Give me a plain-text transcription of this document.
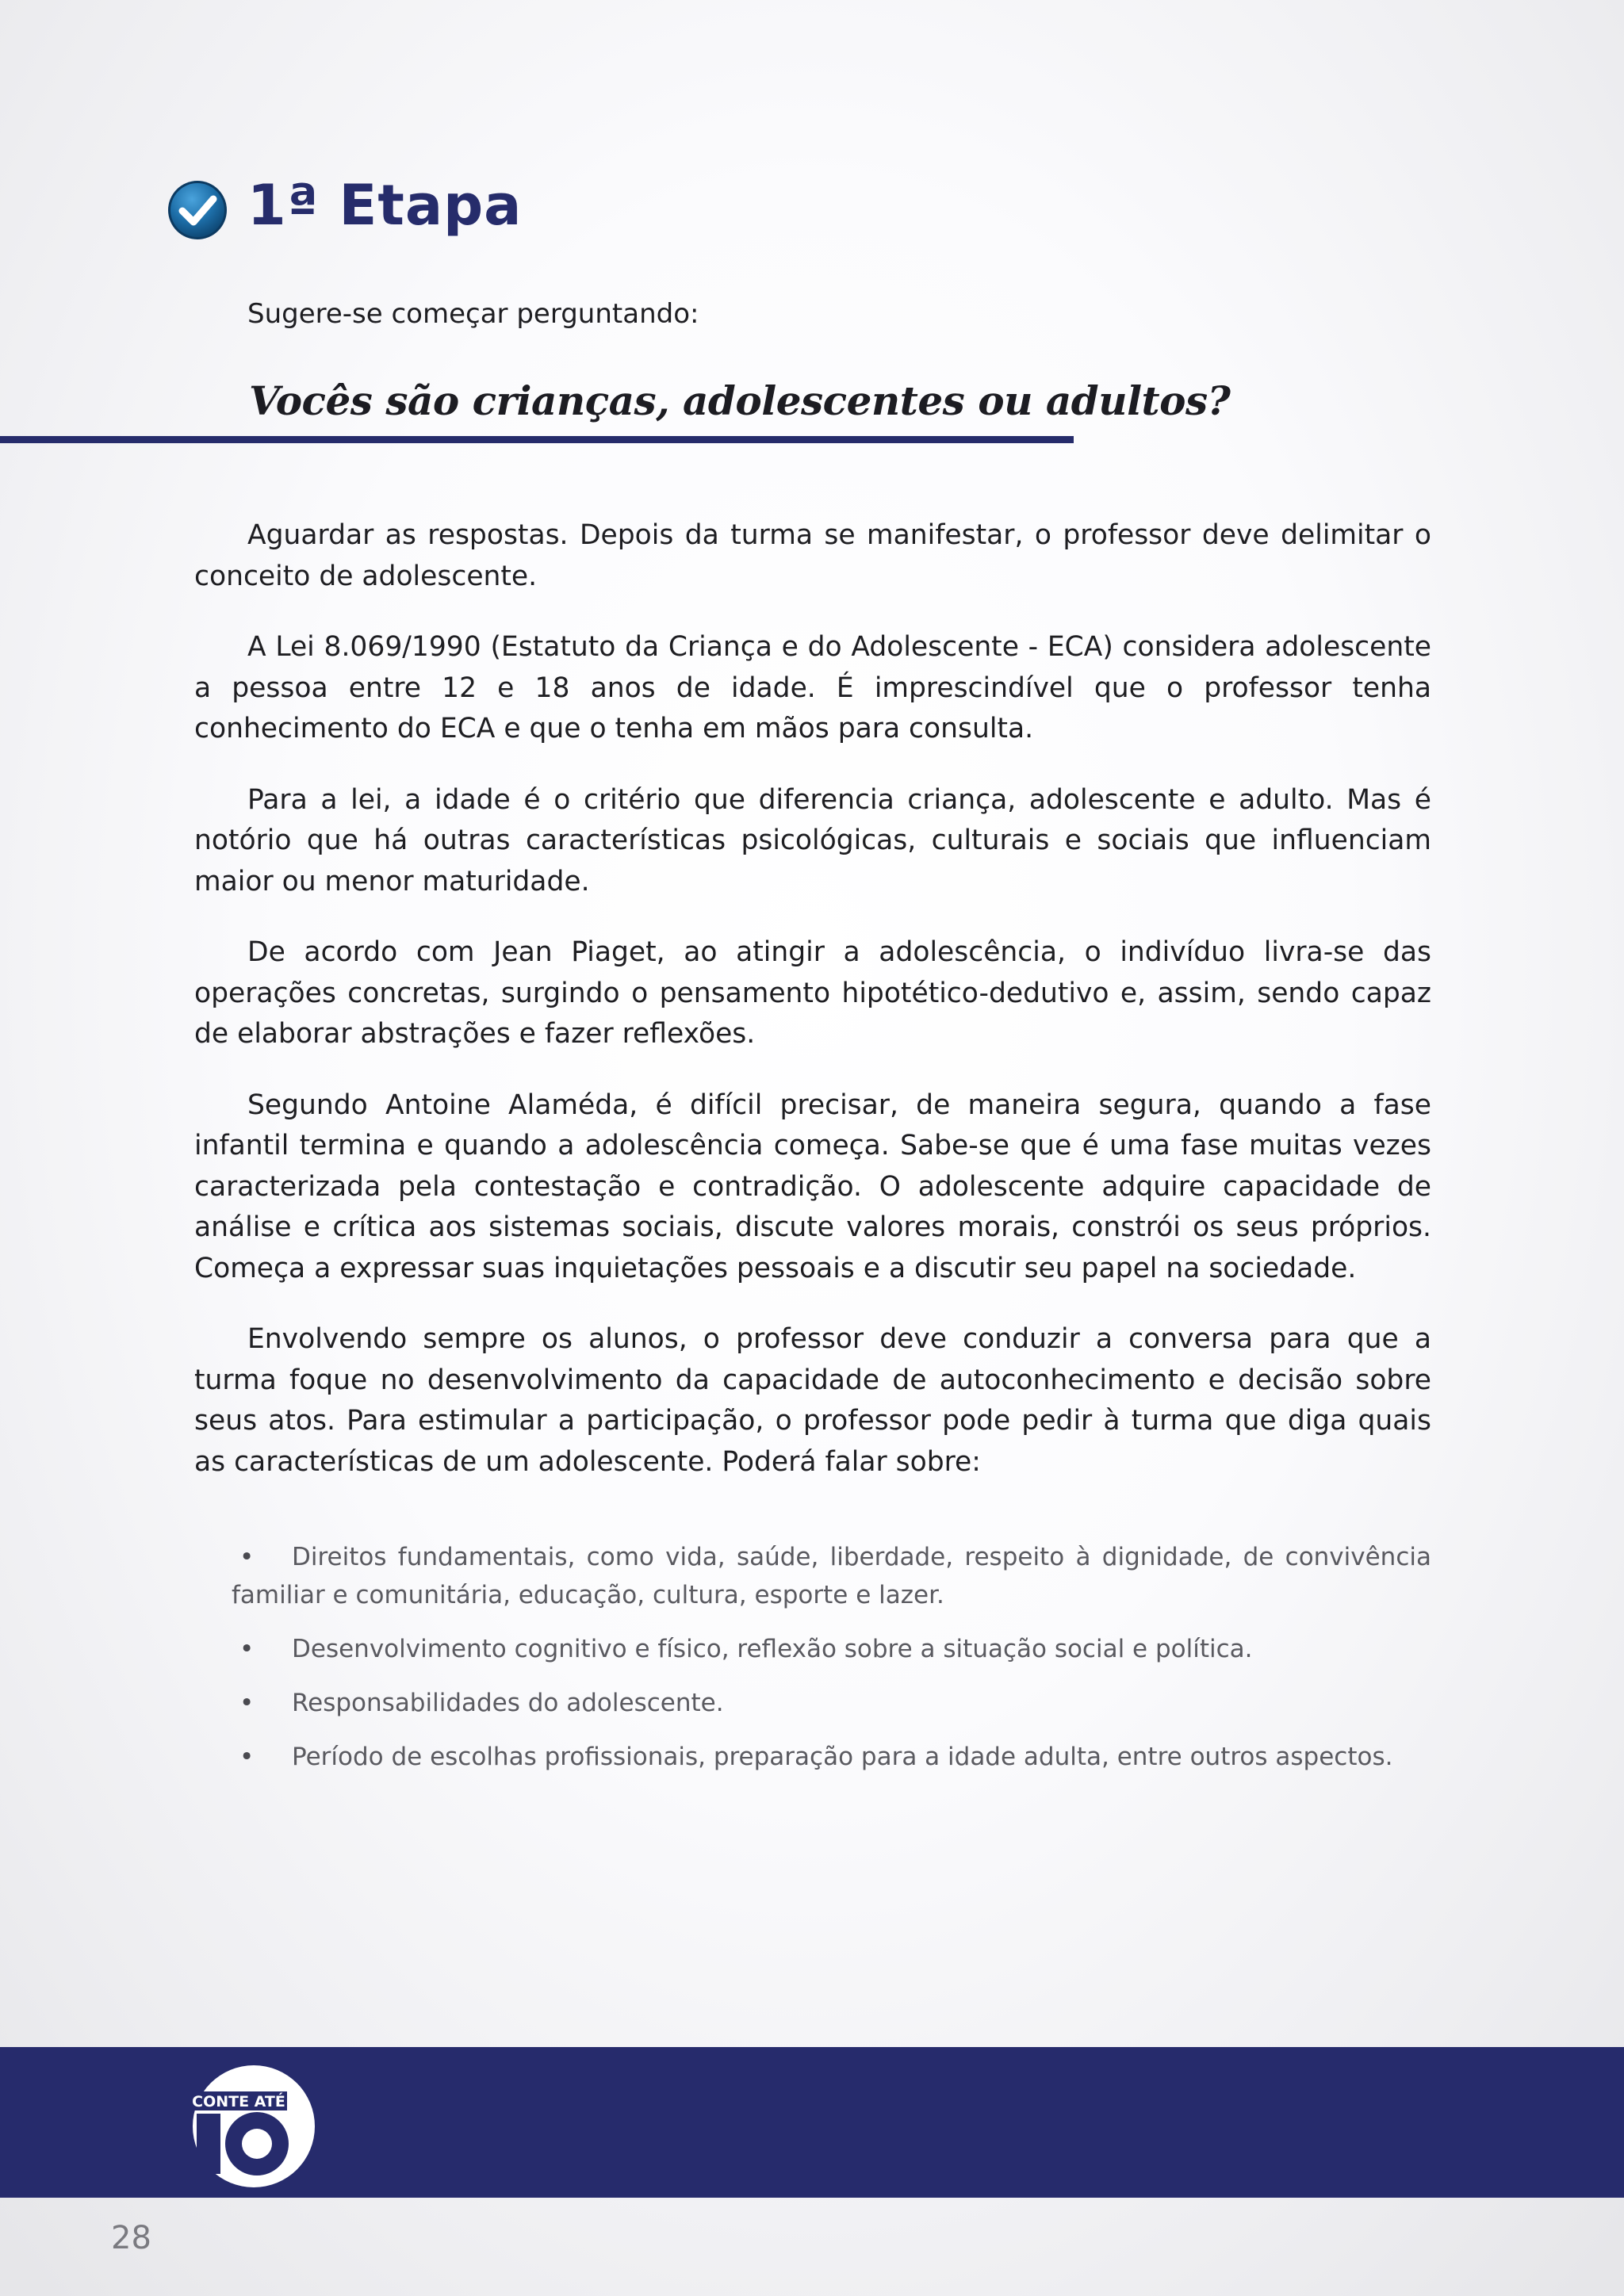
1ª Etapa
Sugere-se começar perguntando:
Vocês são crianças, adolescentes ou adultos?

Aguardar as respostas. Depois da turma se manifestar, o professor deve delimitar o conceito de adolescente.

A Lei 8.069/1990 (Estatuto da Criança e do Adolescente - ECA) considera adolescente a pessoa entre 12 e 18 anos de idade. É imprescindível que o professor tenha conhecimento do ECA e que o tenha em mãos para consulta.

Para a lei, a idade é o critério que diferencia criança, adolescente e adulto. Mas é notório que há outras características psicológicas, culturais e sociais que influenciam maior ou menor maturidade.

De acordo com Jean Piaget, ao atingir a adolescência, o indivíduo livra-se das operações concretas, surgindo o pensamento hipotético-dedutivo e, assim, sendo capaz de elaborar abstrações e fazer reflexões.

Segundo Antoine Alaméda, é difícil precisar, de maneira segura, quando a fase infantil termina e quando a adolescência começa. Sabe-se que é uma fase muitas vezes caracterizada pela contestação e contradição. O adolescente adquire capacidade de análise e crítica aos sistemas sociais, discute valores morais, constrói os seus próprios. Começa a expressar suas inquietações pessoais e a discutir seu papel na sociedade.

Envolvendo sempre os alunos, o professor deve conduzir a conversa para que a turma foque no desenvolvimento da capacidade de autoconhecimento e decisão sobre seus atos. Para estimular a participação, o professor pode pedir à turma que diga quais as características de um adolescente. Poderá falar sobre:

• Direitos fundamentais, como vida, saúde, liberdade, respeito à dignidade, de convivência familiar e comunitária, educação, cultura, esporte e lazer.
• Desenvolvimento cognitivo e físico, reflexão sobre a situação social e política.
• Responsabilidades do adolescente.
• Período de escolhas profissionais, preparação para a idade adulta, entre outros aspectos.
CONTE ATÉ
28
